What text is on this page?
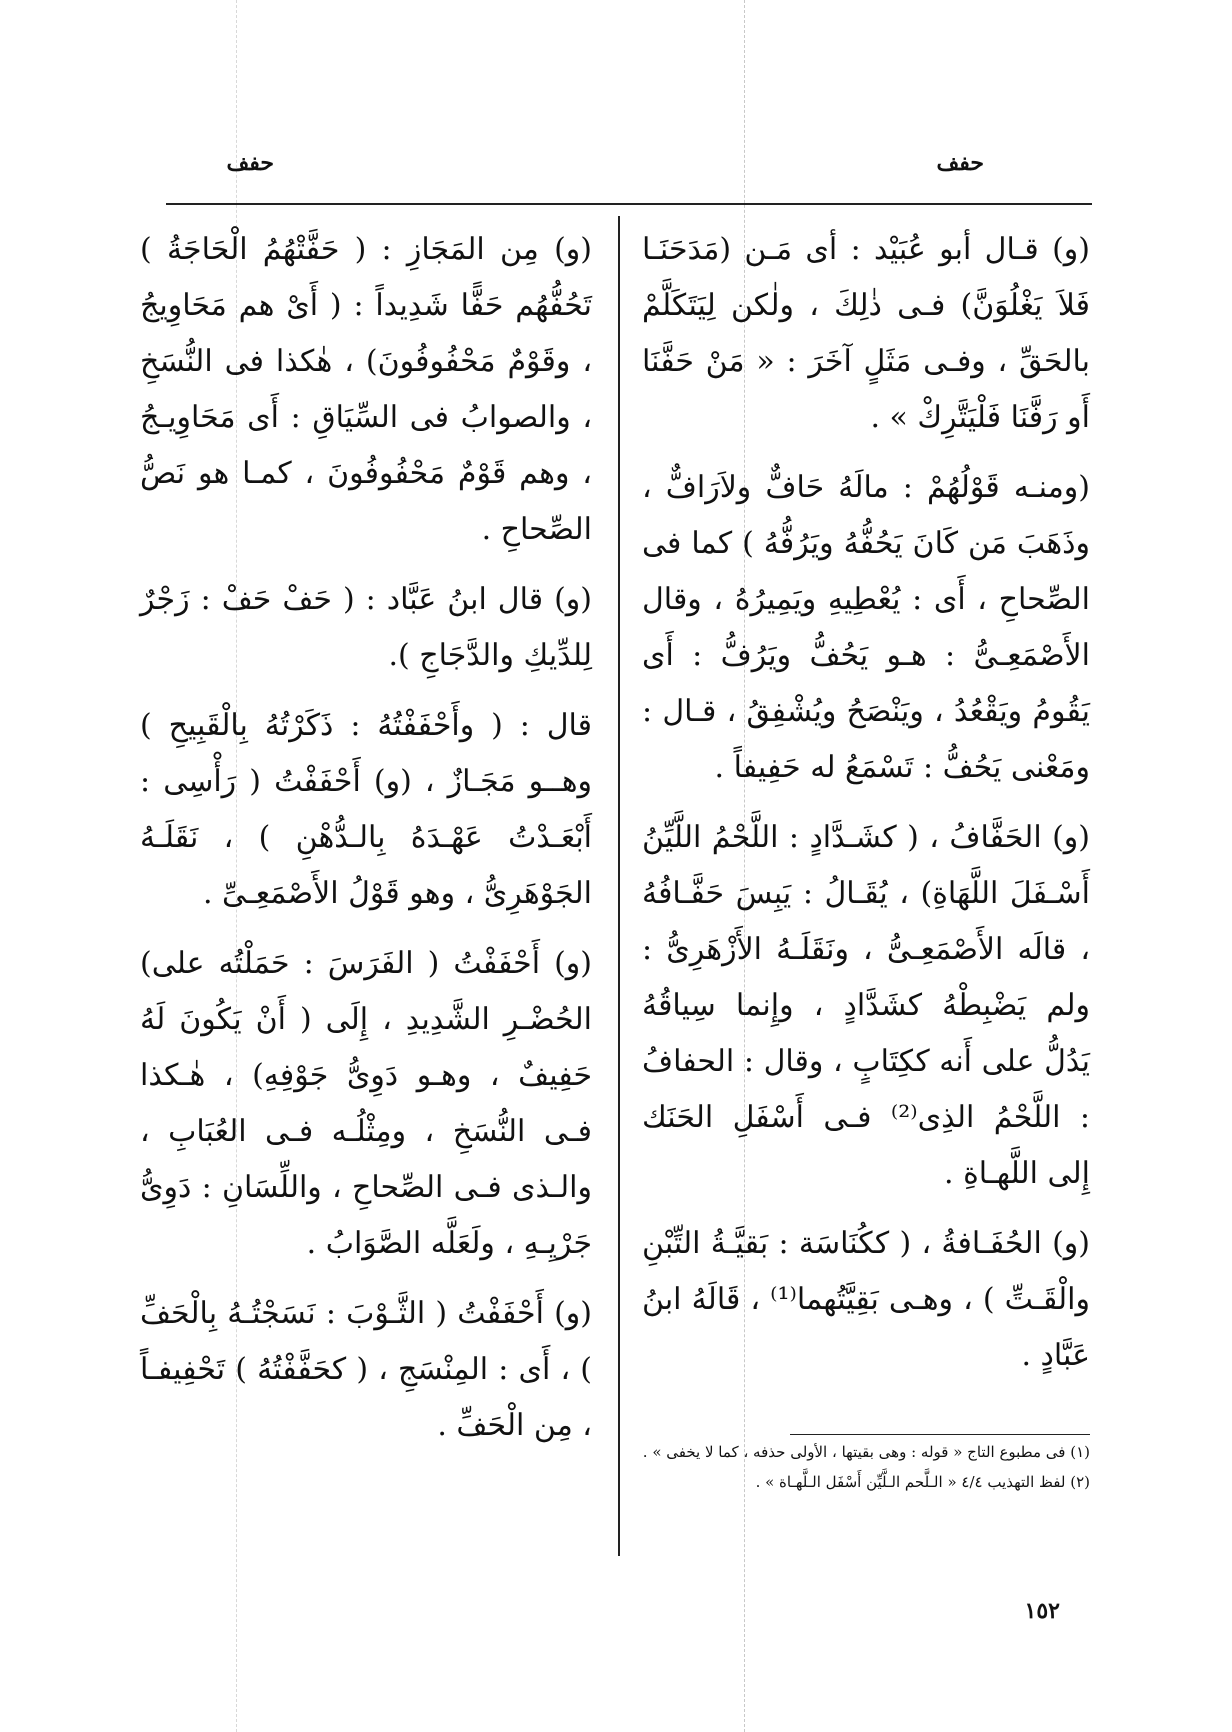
حفف
حفف

(و) قـال أبو عُبَيْد : أى مَـن (مَدَحَنَـا فَلاَ يَغْلُوَنَّ) فـى ذٰلِكَ ، ولٰكن لِيَتَكَلَّمْ بالحَقِّ ، وفـى مَثَلٍ آخَرَ : « مَنْ حَفَّنَا أَو رَفَّنَا فَلْيَتَّرِكْ » .

(ومنـه قَوْلُهُمْ : مالَهُ حَافٌّ ولاَرَافٌّ ، وذَهَبَ مَن كَانَ يَحُفُّهُ ويَرُفُّهُ ) كما فى الصِّحاحِ ، أَى : يُعْطِيهِ ويَمِيرُهُ ، وقال الأَصْمَعِـىُّ : هـو يَحُفُّ ويَرُفُّ : أَى يَقُومُ ويَقْعُدُ ، ويَنْصَحُ ويُشْفِقُ ، قـال : ومَعْنى يَحُفُّ : تَسْمَعُ له حَفِيفاً .

(و) الحَفَّافُ ، ( كشَـدَّادٍ : اللَّحْمُ اللَّيِّنُ أَسْـفَلَ اللَّهَاةِ) ، يُقَـالُ : يَبِسَ حَفَّـافُهُ ، قالَه الأَصْمَعِـىُّ ، ونَقَلَـهُ الأَزْهَرِىُّ : ولم يَضْبِطْهُ كشَدَّادٍ ، وإِنما سِياقُهُ يَدُلُّ على أَنه ككِتَابٍ ، وقال : الحفافُ : اللَّحْمُ الذِى⁽²⁾ فـى أَسْفَلِ الحَنَك إِلى اللَّهـاةِ .

(و) الحُفَـافةُ ، ( ككُنَاسَة : بَقيَّـةُ التِّبْنِ والْقَـتِّ ) ، وهـى بَقِيَّتُهما⁽¹⁾ ، قَالَهُ ابنُ عَبَّادٍ .

(و) مِن المَجَازِ : ( حَفَّتْهُمُ الْحَاجَةُ ) تَحُفُّهُم حَفًّا شَدِيداً : ( أَىْ هم مَحَاوِيجُ ، وقَوْمٌ مَحْفُوفُونَ) ، هٰكذا فى النُّسَخِ ، والصوابُ فى السِّيَاقِ : أَى مَحَاوِيـجُ ، وهم قَوْمٌ مَحْفُوفُونَ ، كمـا هو نَصُّ الصِّحاحِ .

(و) قال ابنُ عَبَّاد : ( حَفْ حَفْ : زَجْرٌ لِلدِّيكِ والدَّجَاجِ ).

قال : ( وأَحْفَفْتُهُ : ذَكَرْتُهُ بِالْقَبِيحِ ) وهــو مَجَـازٌ ، (و) أَحْفَفْتُ ( رَأْسِى : أَبْعَـدْتُ عَهْـدَهُ بِالـدُّهْنِ ) ، نَقَلَـهُ الجَوْهَرِىُّ ، وهو قَوْلُ الأَصْمَعِـىِّ .

(و) أَحْفَفْتُ ( الفَرَسَ : حَمَلْتُه على) الحُضْـرِ الشَّدِيدِ ، إِلَى ( أَنْ يَكُونَ لَهُ حَفِيفٌ ، وهـو دَوِىُّ جَوْفِهِ) ، هٰـكذا فـى النُّسَخِ ، ومِثْلُـه فـى العُبَابِ ، والـذى فـى الصِّحاحِ ، واللِّسَانِ : دَوِىُّ جَرْيِـهِ ، ولَعَلَّه الصَّوَابُ .

(و) أَحْفَفْتُ ( الثَّـوْبَ : نَسَجْتُـهُ بِالْحَفِّ ) ، أَى : المِنْسَجِ ، ( كحَفَّفْتُهُ ) تَحْفِيفـاً ، مِن الْحَفِّ .

(١) فى مطبوع التاج « قوله : وهى بقيتها ، الأولى حذفه ، كما لا يخفى » .

(٢) لفظ التهذيب ٤/٤ « الـلَّحم الـلَّيِّن أَسْفَل الـلَّهـاة » .

١٥٢
